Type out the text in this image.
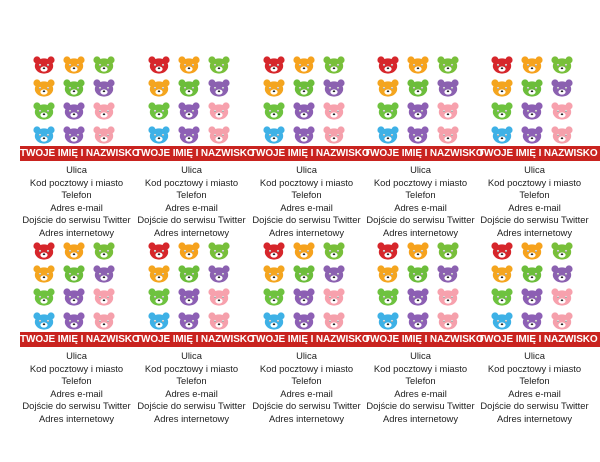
TWOJE IMIĘ I NAZWISKO
Ulica
Kod pocztowy i miasto
Telefon
Adres e-mail
Dojście do serwisu Twitter
Adres internetowy
TWOJE IMIĘ I NAZWISKO
Ulica
Kod pocztowy i miasto
Telefon
Adres e-mail
Dojście do serwisu Twitter
Adres internetowy
TWOJE IMIĘ I NAZWISKO
Ulica
Kod pocztowy i miasto
Telefon
Adres e-mail
Dojście do serwisu Twitter
Adres internetowy
TWOJE IMIĘ I NAZWISKO
Ulica
Kod pocztowy i miasto
Telefon
Adres e-mail
Dojście do serwisu Twitter
Adres internetowy
TWOJE IMIĘ I NAZWISKO
Ulica
Kod pocztowy i miasto
Telefon
Adres e-mail
Dojście do serwisu Twitter
Adres internetowy
TWOJE IMIĘ I NAZWISKO
Ulica
Kod pocztowy i miasto
Telefon
Adres e-mail
Dojście do serwisu Twitter
Adres internetowy
TWOJE IMIĘ I NAZWISKO
Ulica
Kod pocztowy i miasto
Telefon
Adres e-mail
Dojście do serwisu Twitter
Adres internetowy
TWOJE IMIĘ I NAZWISKO
Ulica
Kod pocztowy i miasto
Telefon
Adres e-mail
Dojście do serwisu Twitter
Adres internetowy
TWOJE IMIĘ I NAZWISKO
Ulica
Kod pocztowy i miasto
Telefon
Adres e-mail
Dojście do serwisu Twitter
Adres internetowy
TWOJE IMIĘ I NAZWISKO
Ulica
Kod pocztowy i miasto
Telefon
Adres e-mail
Dojście do serwisu Twitter
Adres internetowy
